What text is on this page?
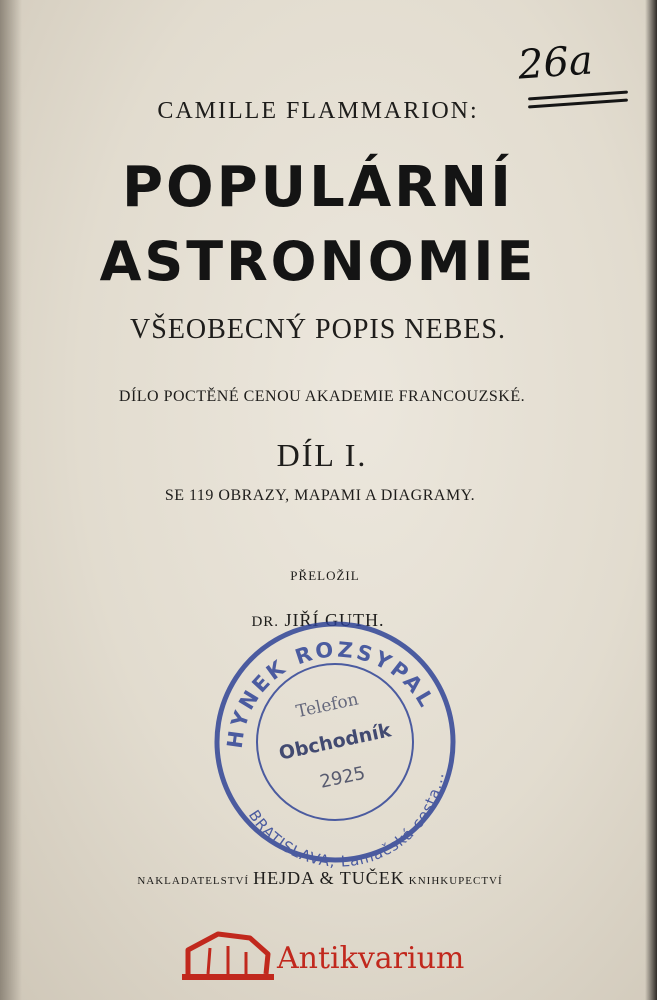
26a

CAMILLE FLAMMARION:

POPULÁRNÍ
ASTRONOMIE

VŠEOBECNÝ POPIS NEBES.

DÍLO POCTĚNÉ CENOU AKADEMIE FRANCOUZSKÉ.

DÍL I.

SE 119 OBRAZY, MAPAMI A DIAGRAMY.

PŘELOŽIL

DR. JIŘÍ GUTH.

HYNEK ROZSYPAL
BRATISLAVA, Lamačská cesta...
Telefon
Obchodník
2925

NAKLADATELSTVÍ HEJDA & TUČEK KNIHKUPECTVÍ

Antikvarium
